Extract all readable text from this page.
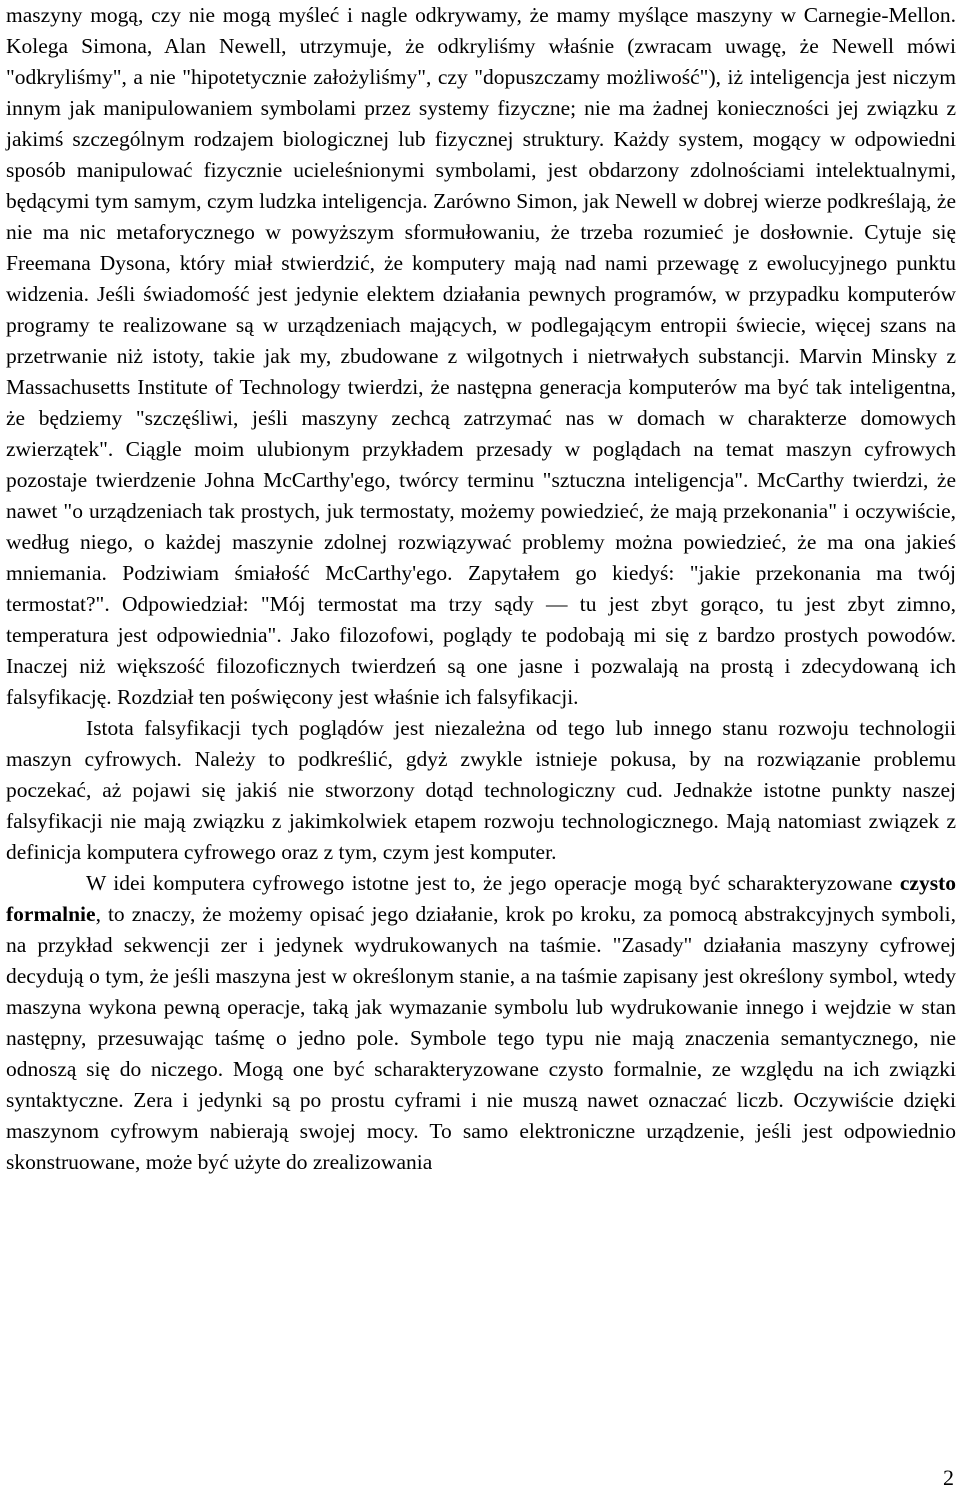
maszyny mogą, czy nie mogą myśleć i nagle odkrywamy, że mamy myślące maszyny w Carnegie-Mellon. Kolega Simona, Alan Newell, utrzymuje, że odkryliśmy właśnie (zwracam uwagę, że Newell mówi "odkryliśmy", a nie "hipotetycznie założyliśmy", czy "dopuszczamy możliwość"), iż inteligencja jest niczym innym jak manipulowaniem symbolami przez systemy fizyczne; nie ma żadnej konieczności jej związku z jakimś szczególnym rodzajem biologicznej lub fizycznej struktury. Każdy system, mogący w odpowiedni sposób manipulować fizycznie ucieleśnionymi symbolami, jest obdarzony zdolnościami intelektualnymi, będącymi tym samym, czym ludzka inteligencja. Zarówno Simon, jak Newell w dobrej wierze podkreślają, że nie ma nic metaforycznego w powyższym sformułowaniu, że trzeba rozumieć je dosłownie. Cytuje się Freemana Dysona, który miał stwierdzić, że komputery mają nad nami przewagę z ewolucyjnego punktu widzenia. Jeśli świadomość jest jedynie elektem działania pewnych programów, w przypadku komputerów programy te realizowane są w urządzeniach mających, w podlegającym entropii świecie, więcej szans na przetrwanie niż istoty, takie jak my, zbudowane z wilgotnych i nietrwałych substancji. Marvin Minsky z Massachusetts Institute of Technology twierdzi, że następna generacja komputerów ma być tak inteligentna, że będziemy "szczęśliwi, jeśli maszyny zechcą zatrzymać nas w domach w charakterze domowych zwierzątek". Ciągle moim ulubionym przykładem przesady w poglądach na temat maszyn cyfrowych pozostaje twierdzenie Johna McCarthy'ego, twórcy terminu "sztuczna inteligencja". McCarthy twierdzi, że nawet "o urządzeniach tak prostych, juk termostaty, możemy powiedzieć, że mają przekonania" i oczywiście, według niego, o każdej maszynie zdolnej rozwiązywać problemy można powiedzieć, że ma ona jakieś mniemania. Podziwiam śmiałość McCarthy'ego. Zapytałem go kiedyś: "jakie przekonania ma twój termostat?". Odpowiedział: "Mój termostat ma trzy sądy — tu jest zbyt gorąco, tu jest zbyt zimno, temperatura jest odpowiednia". Jako filozofowi, poglądy te podobają mi się z bardzo prostych powodów. Inaczej niż większość filozoficznych twierdzeń są one jasne i pozwalają na prostą i zdecydowaną ich falsyfikację. Rozdział ten poświęcony jest właśnie ich falsyfikacji.

Istota falsyfikacji tych poglądów jest niezależna od tego lub innego stanu rozwoju technologii maszyn cyfrowych. Należy to podkreślić, gdyż zwykle istnieje pokusa, by na rozwiązanie problemu poczekać, aż pojawi się jakiś nie stworzony dotąd technologiczny cud. Jednakże istotne punkty naszej falsyfikacji nie mają związku z jakimkolwiek etapem rozwoju technologicznego. Mają natomiast związek z definicja komputera cyfrowego oraz z tym, czym jest komputer.

W idei komputera cyfrowego istotne jest to, że jego operacje mogą być scharakteryzowane czysto formalnie, to znaczy, że możemy opisać jego działanie, krok po kroku, za pomocą abstrakcyjnych symboli, na przykład sekwencji zer i jedynek wydrukowanych na taśmie. "Zasady" działania maszyny cyfrowej decydują o tym, że jeśli maszyna jest w określonym stanie, a na taśmie zapisany jest określony symbol, wtedy maszyna wykona pewną operacje, taką jak wymazanie symbolu lub wydrukowanie innego i wejdzie w stan następny, przesuwając taśmę o jedno pole. Symbole tego typu nie mają znaczenia semantycznego, nie odnoszą się do niczego. Mogą one być scharakteryzowane czysto formalnie, ze względu na ich związki syntaktyczne. Zera i jedynki są po prostu cyframi i nie muszą nawet oznaczać liczb. Oczywiście dzięki maszynom cyfrowym nabierają swojej mocy. To samo elektroniczne urządzenie, jeśli jest odpowiednio skonstruowane, może być użyte do zrealizowania

2
